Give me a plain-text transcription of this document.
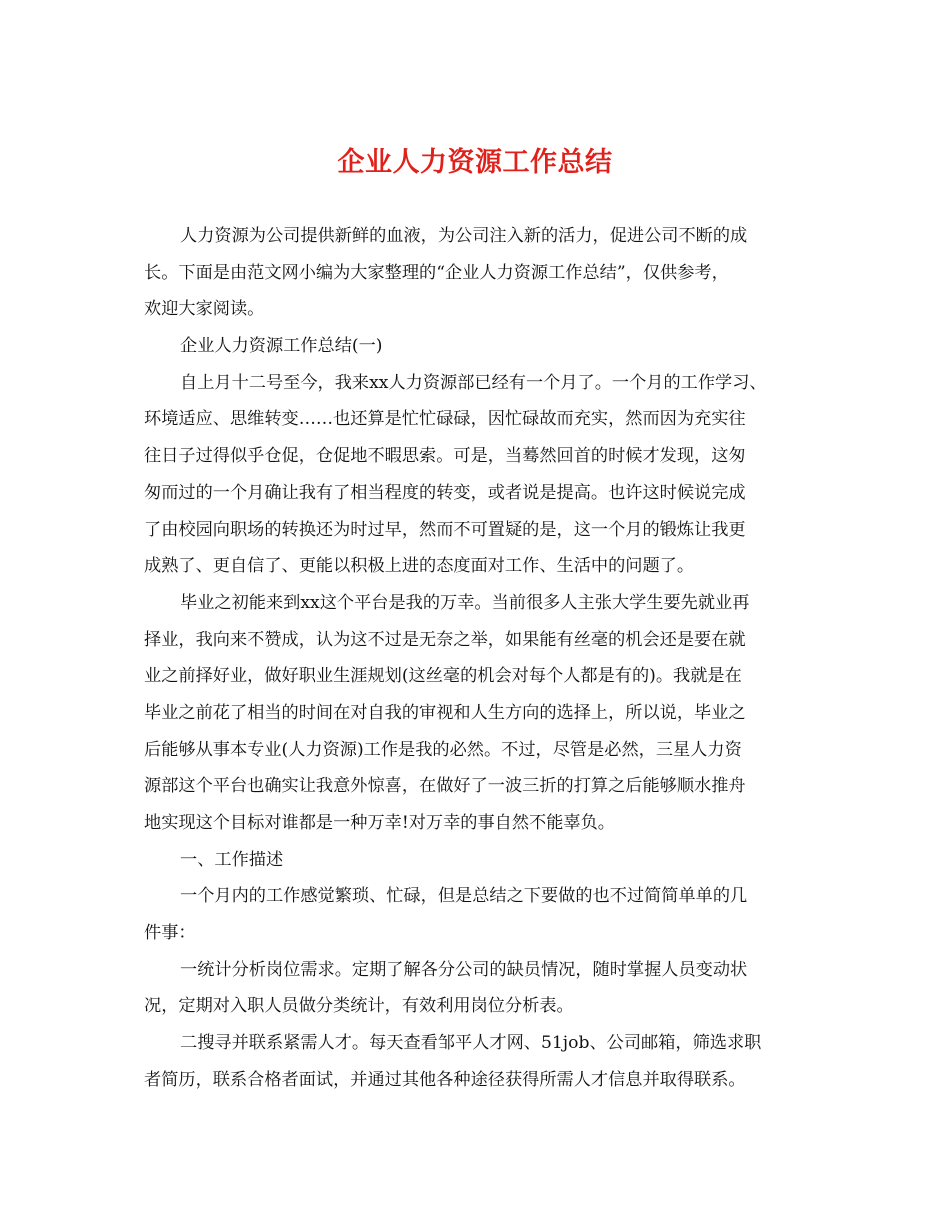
企业人力资源工作总结
人力资源为公司提供新鲜的血液，为公司注入新的活力，促进公司不断的成
长。下面是由范文网小编为大家整理的“企业人力资源工作总结”，仅供参考，
欢迎大家阅读。
企业人力资源工作总结(一)
自上月十二号至今，我来xx人力资源部已经有一个月了。一个月的工作学习、
环境适应、思维转变……也还算是忙忙碌碌，因忙碌故而充实，然而因为充实往
往日子过得似乎仓促，仓促地不暇思索。可是，当蓦然回首的时候才发现，这匆
匆而过的一个月确让我有了相当程度的转变，或者说是提高。也许这时候说完成
了由校园向职场的转换还为时过早，然而不可置疑的是，这一个月的锻炼让我更
成熟了、更自信了、更能以积极上进的态度面对工作、生活中的问题了。
毕业之初能来到xx这个平台是我的万幸。当前很多人主张大学生要先就业再
择业，我向来不赞成，认为这不过是无奈之举，如果能有丝毫的机会还是要在就
业之前择好业，做好职业生涯规划(这丝毫的机会对每个人都是有的)。我就是在
毕业之前花了相当的时间在对自我的审视和人生方向的选择上，所以说，毕业之
后能够从事本专业(人力资源)工作是我的必然。不过，尽管是必然，三星人力资
源部这个平台也确实让我意外惊喜，在做好了一波三折的打算之后能够顺水推舟
地实现这个目标对谁都是一种万幸!对万幸的事自然不能辜负。
一、工作描述
一个月内的工作感觉繁琐、忙碌，但是总结之下要做的也不过简简单单的几
件事：
一统计分析岗位需求。定期了解各分公司的缺员情况，随时掌握人员变动状
况，定期对入职人员做分类统计，有效利用岗位分析表。
二搜寻并联系紧需人才。每天查看邹平人才网、51job、公司邮箱，筛选求职
者简历，联系合格者面试，并通过其他各种途径获得所需人才信息并取得联系。
